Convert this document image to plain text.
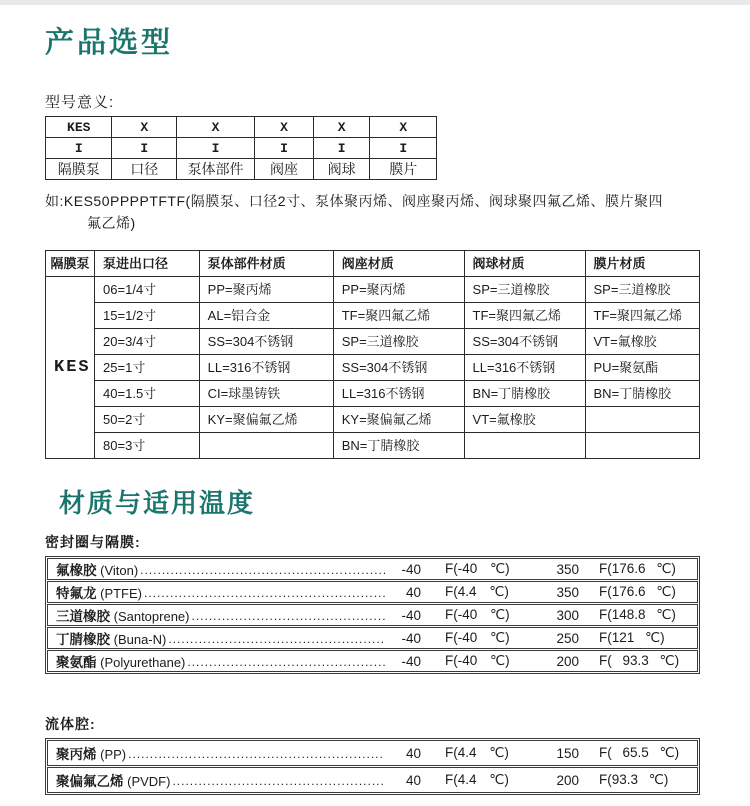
产品选型
型号意义:
KES	X	X	X	X	X
I	I	I	I	I	I
隔膜泵	口径	泵体部件	阀座	阀球	膜片

如:KES50PPPPTFTF(隔膜泵、口径2寸、泵体聚丙烯、阀座聚丙烯、阀球聚四氟乙烯、膜片聚四氟乙烯)

隔膜泵	泵进出口径	泵体部件材质	阀座材质	阀球材质	膜片材质
KES	06=1/4寸	PP=聚丙烯	PP=聚丙烯	SP=三道橡胶	SP=三道橡胶
	15=1/2寸	AL=铝合金	TF=聚四氟乙烯	TF=聚四氟乙烯	TF=聚四氟乙烯
	20=3/4寸	SS=304不锈钢	SP=三道橡胶	SS=304不锈钢	VT=氟橡胶
	25=1寸	LL=316不锈钢	SS=304不锈钢	LL=316不锈钢	PU=聚氨酯
	40=1.5寸	CI=球墨铸铁	LL=316不锈钢	BN=丁腈橡胶	BN=丁腈橡胶
	50=2寸	KY=聚偏氟乙烯	KY=聚偏氟乙烯	VT=氟橡胶	
	80=3寸		BN=丁腈橡胶		
材质与适用温度
密封圈与隔膜:
氟橡胶 (Viton) .....	-40	F(-40 ℃)	350	F(176.6 ℃)
特氟龙 (PTFE) .....	40	F(4.4 ℃)	350	F(176.6 ℃)
三道橡胶 (Santoprene) .....	-40	F(-40 ℃)	300	F(148.8 ℃)
丁腈橡胶 (Buna-N) .....	-40	F(-40 ℃)	250	F(121 ℃)
聚氨酯 (Polyurethane) .....	-40	F(-40 ℃)	200	F( 93.3 ℃)
流体腔:
聚丙烯 (PP) .....	40	F(4.4 ℃)	150	F( 65.5 ℃)
聚偏氟乙烯 (PVDF) .....	40	F(4.4 ℃)	200	F(93.3 ℃)
